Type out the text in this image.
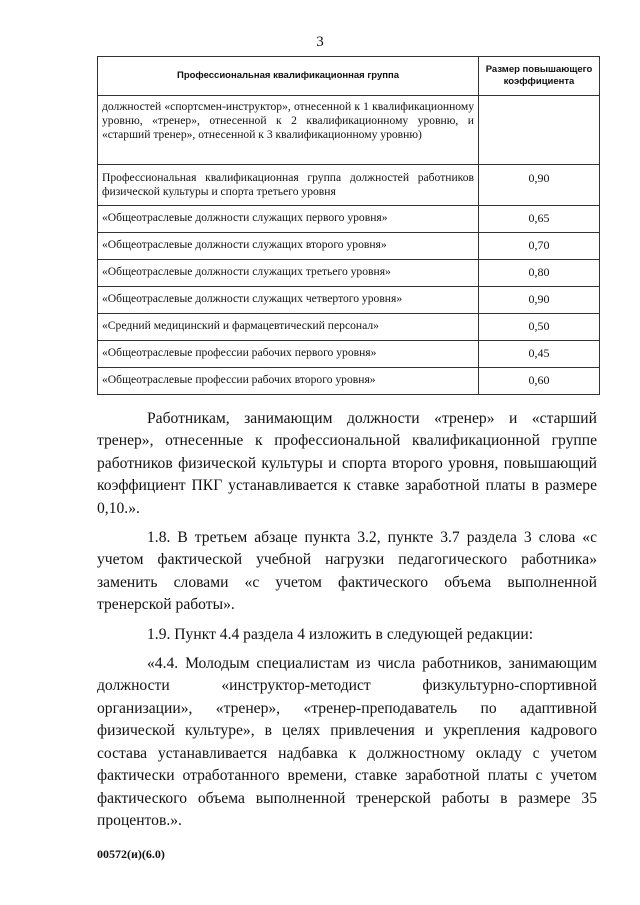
3
Профессиональная квалификационная группа	Размер повышающего коэффициента
должностей «спортсмен-инструктор», отнесенной к 1 квалификационному уровню, «тренер», отнесенной к 2 квалификационному уровню, и «старший тренер», отнесенной к 3 квалификационному уровню)	
Профессиональная квалификационная группа должностей работников физической культуры и спорта третьего уровня	0,90
«Общеотраслевые должности служащих первого уровня»	0,65
«Общеотраслевые должности служащих второго уровня»	0,70
«Общеотраслевые должности служащих третьего уровня»	0,80
«Общеотраслевые должности служащих четвертого уровня»	0,90
«Средний медицинский и фармацевтический персонал»	0,50
«Общеотраслевые профессии рабочих первого уровня»	0,45
«Общеотраслевые профессии рабочих второго уровня»	0,60

Работникам, занимающим должности «тренер» и «старший тренер», отнесенные к профессиональной квалификационной группе работников физической культуры и спорта второго уровня, повышающий коэффициент ПКГ устанавливается к ставке заработной платы в размере 0,10.».

1.8. В третьем абзаце пункта 3.2, пункте 3.7 раздела 3 слова «с учетом фактической учебной нагрузки педагогического работника» заменить словами «с учетом фактического объема выполненной тренерской работы».

1.9. Пункт 4.4 раздела 4 изложить в следующей редакции:

«4.4. Молодым специалистам из числа работников, занимающим должности «инструктор-методист физкультурно-спортивной организации», «тренер», «тренер-преподаватель по адаптивной физической культуре», в целях привлечения и укрепления кадрового состава устанавливается надбавка к должностному окладу с учетом фактически отработанного времени, ставке заработной платы с учетом фактического объема выполненной тренерской работы в размере 35 процентов.».

00572(и)(6.0)
